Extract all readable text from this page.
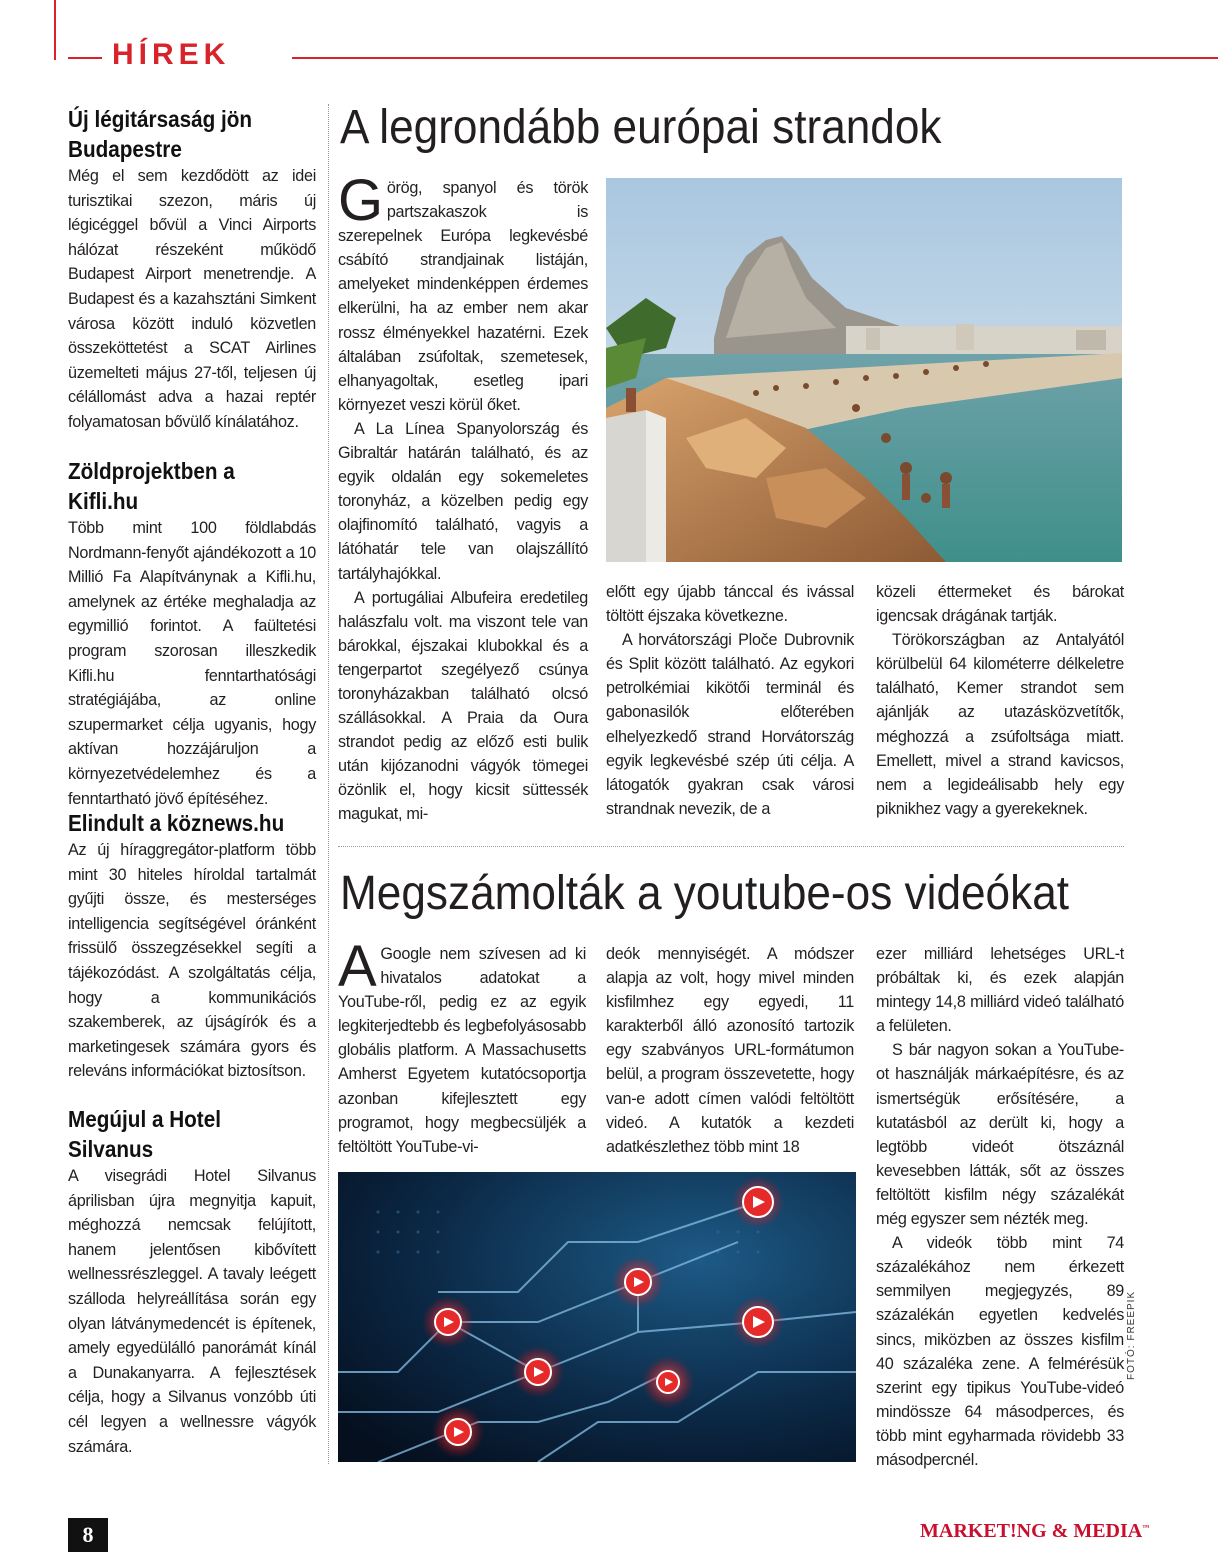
HÍREK
Új légitársaság jön Budapestre

Még el sem kezdődött az idei turisztikai szezon, máris új légicéggel bővül a Vinci Airports hálózat részeként működő Budapest Airport menetrendje. A Budapest és a kazahsztáni Simkent városa között induló közvetlen összeköttetést a SCAT Airlines üzemelteti május 27-től, teljesen új célállomást adva a hazai reptér folyamatosan bővülő kínálatához.

Zöldprojektben a Kifli.hu

Több mint 100 földlabdás Nordmann-fenyőt ajándékozott a 10 Millió Fa Alapítványnak a Kifli.hu, amelynek az értéke meghaladja az egymillió forintot. A faültetési program szorosan illeszkedik Kifli.hu fenntarthatósági stratégiájába, az online szupermarket célja ugyanis, hogy aktívan hozzájáruljon a környezetvédelemhez és a fenntartható jövő építéséhez.

Elindult a köznews.hu

Az új híraggregátor-platform több mint 30 hiteles híroldal tartalmát gyűjti össze, és mesterséges intelligencia segítségével óránként frissülő összegzésekkel segíti a tájékozódást. A szolgáltatás célja, hogy a kommunikációs szakemberek, az újságírók és a marketingesek számára gyors és releváns információkat biztosítson.

Megújul a Hotel Silvanus

A visegrádi Hotel Silvanus áprilisban újra megnyitja kapuit, méghozzá nemcsak felújított, hanem jelentősen kibővített wellnessrészleggel. A tavaly leégett szálloda helyreállítása során egy olyan látványmedencét is építenek, amely egyedülálló panorámát kínál a Dunakanyarra. A fejlesztések célja, hogy a Silvanus vonzóbb úti cél legyen a wellnessre vágyók számára.

A legrondább európai strandok
G örög, spanyol és török partszakaszok is szerepelnek Európa legkevésbé csábító strandjainak listáján, amelyeket mindenképpen érdemes elkerülni, ha az ember nem akar rossz élményekkel hazatérni. Ezek általában zsúfoltak, szemetesek, elhanyagoltak, esetleg ipari környezet veszi körül őket.

A La Línea Spanyolország és Gibraltár határán található, és az egyik oldalán egy sokemeletes toronyház, a közelben pedig egy olajfinomító található, vagyis a látóhatár tele van olajszállító tartályhajókkal.

A portugáliai Albufeira eredetileg halászfalu volt. ma viszont tele van bárokkal, éjszakai klubokkal és a tengerpartot szegélyező csúnya toronyházakban található olcsó szállásokkal. A Praia da Oura strandot pedig az előző esti bulik után kijózanodni vágyók tömegei özönlik el, hogy kicsit süttessék magukat, mi-

előtt egy újabb tánccal és ivással töltött éjszaka következne.

A horvátországi Ploče Dubrovnik és Split között található. Az egykori petrolkémiai kikötői terminál és gabonasilók előterében elhelyezkedő strand Horvátország egyik legkevésbé szép úti célja. A látogatók gyakran csak városi strandnak nevezik, de a

közeli éttermeket és bárokat igencsak drágának tartják.

Törökországban az Antalyától körülbelül 64 kilométerre délkeletre található, Kemer strandot sem ajánlják az utazásközvetítők, méghozzá a zsúfoltsága miatt. Emellett, mivel a strand kavicsos, nem a legideálisabb hely egy piknikhez vagy a gyerekeknek.

Megszámolták a youtube-os videókat
A Google nem szívesen ad ki hivatalos adatokat a YouTube-ről, pedig ez az egyik legkiterjedtebb és legbefolyásosabb globális platform. A Massachusetts Amherst Egyetem kutatócsoportja azonban kifejlesztett egy programot, hogy megbecsüljék a feltöltött YouTube-vi-

deók mennyiségét. A módszer alapja az volt, hogy mivel minden kisfilmhez egy egyedi, 11 karakterből álló azonosító tartozik egy szabványos URL-formátumon belül, a program összevetette, hogy van-e adott címen valódi feltöltött videó. A kutatók a kezdeti adatkészlethez több mint 18

ezer milliárd lehetséges URL-t próbáltak ki, és ezek alapján mintegy 14,8 milliárd videó található a felületen.

S bár nagyon sokan a YouTube-ot használják márkaépítésre, és az ismertségük erősítésére, a kutatásból az derült ki, hogy a legtöbb videót ötszáznál kevesebben látták, sőt az összes feltöltött kisfilm négy százalékát még egyszer sem nézték meg.

A videók több mint 74 százalékához nem érkezett semmilyen megjegyzés, 89 százalékán egyetlen kedvelés sincs, miközben az összes kisfilm 40 százaléka zene. A felmérésük szerint egy tipikus YouTube-videó mindösszе 64 másodperces, és több mint egyharmada rövidebb 33 másodpercnél.

FOTÓ: FREEPIK
8	MARKET!NG & MEDIA™
